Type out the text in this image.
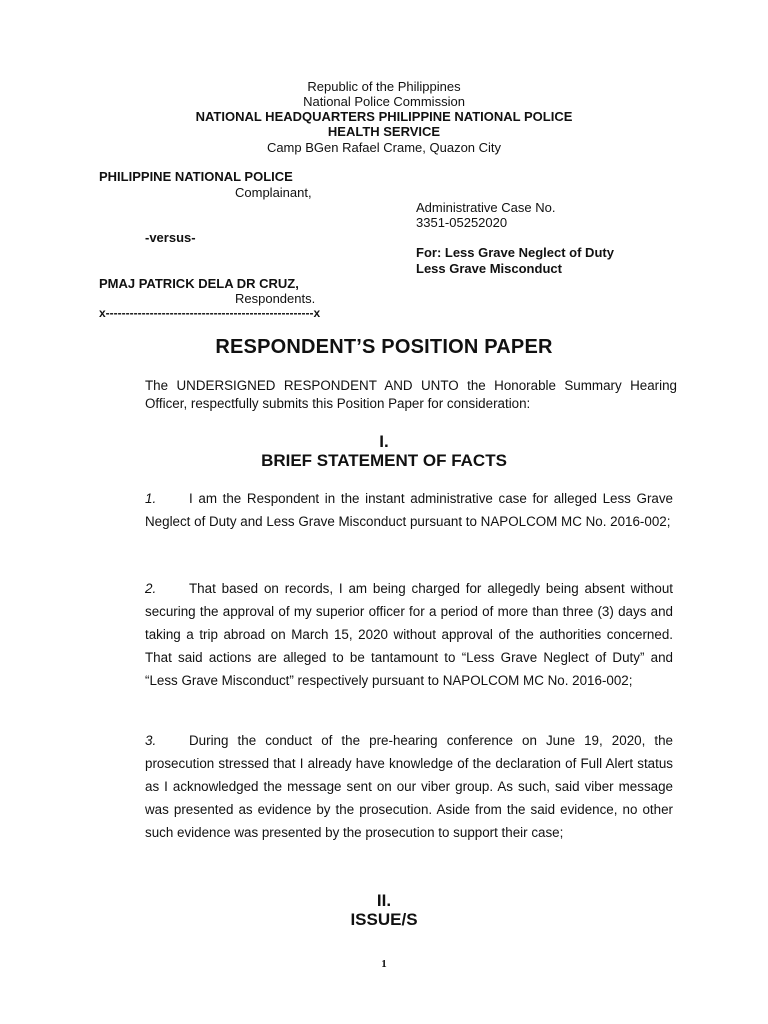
Republic of the Philippines
National Police Commission
NATIONAL HEADQUARTERS PHILIPPINE NATIONAL POLICE
HEALTH SERVICE
Camp BGen Rafael Crame, Quazon City
PHILIPPINE NATIONAL POLICE
Complainant,
Administrative Case No.
3351-05252020
-versus-
For: Less Grave Neglect of Duty
Less Grave Misconduct
PMAJ PATRICK DELA DR CRUZ,
Respondents.
x----------------------------------------------------x
RESPONDENT’S POSITION PAPER
The UNDERSIGNED RESPONDENT AND UNTO the Honorable Summary Hearing Officer, respectfully submits this Position Paper for consideration:
I.
BRIEF STATEMENT OF FACTS
1. I am the Respondent in the instant administrative case for alleged Less Grave Neglect of Duty and Less Grave Misconduct pursuant to NAPOLCOM MC No. 2016-002;
2. That based on records, I am being charged for allegedly being absent without securing the approval of my superior officer for a period of more than three (3) days and taking a trip abroad on March 15, 2020 without approval of the authorities concerned. That said actions are alleged to be tantamount to “Less Grave Neglect of Duty” and “Less Grave Misconduct” respectively pursuant to NAPOLCOM MC No. 2016-002;
3. During the conduct of the pre-hearing conference on June 19, 2020, the prosecution stressed that I already have knowledge of the declaration of Full Alert status as I acknowledged the message sent on our viber group. As such, said viber message was presented as evidence by the prosecution. Aside from the said evidence, no other such evidence was presented by the prosecution to support their case;
II.
ISSUE/S
1
